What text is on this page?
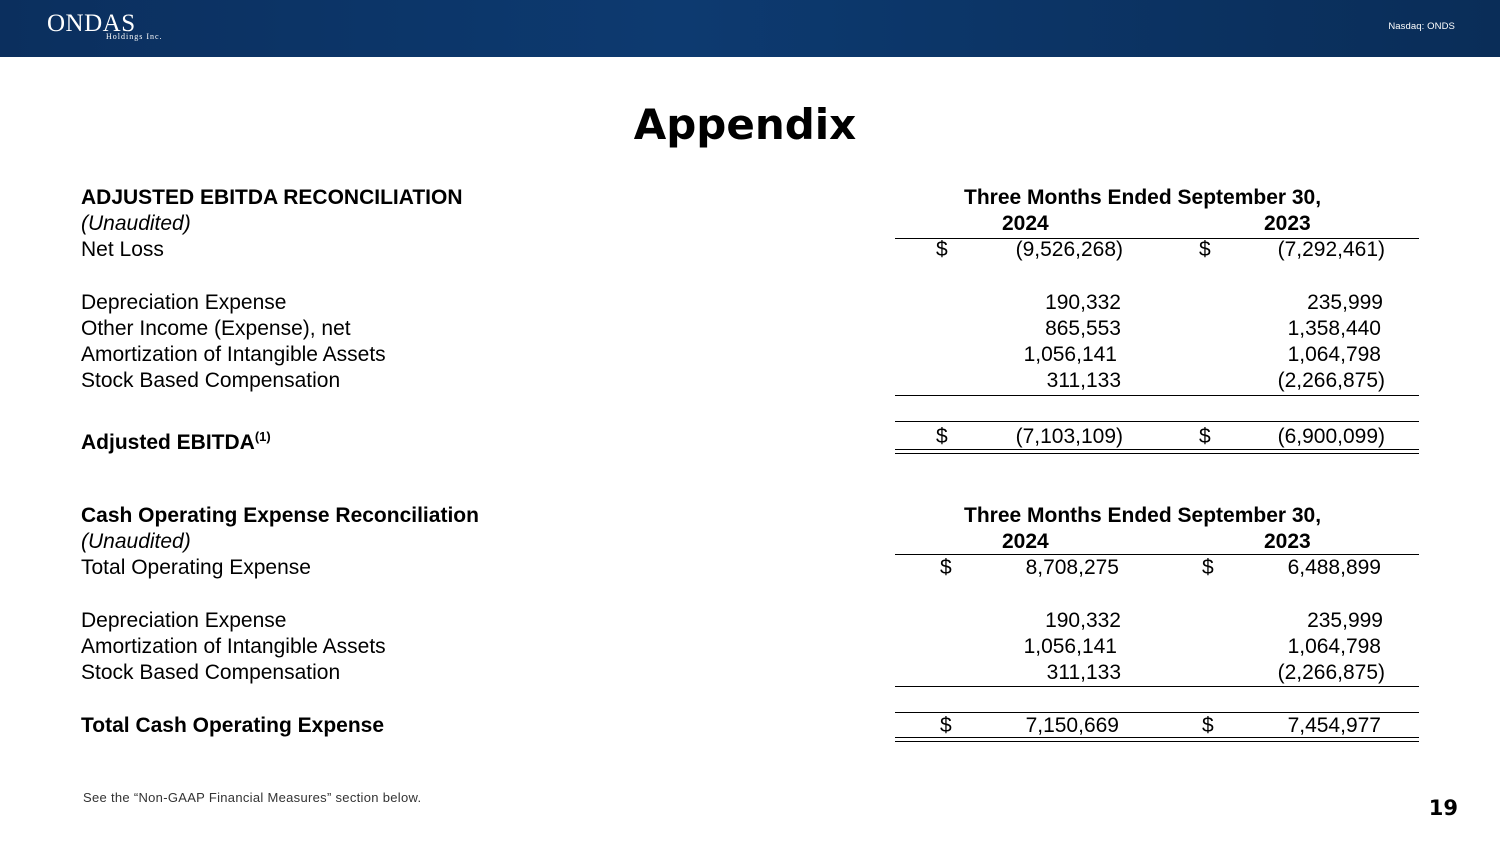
ONDAS
Holdings Inc.
Nasdaq: ONDS
Appendix
ADJUSTED EBITDA RECONCILIATION	Three Months Ended September 30,
(Unaudited)	2024	2023
Net Loss	$	(9,526,268)	$	(7,292,461)
Depreciation Expense	190,332	235,999
Other Income (Expense), net	865,553	1,358,440
Amortization of Intangible Assets	1,056,141	1,064,798
Stock Based Compensation	311,133	(2,266,875)
Adjusted EBITDA$^{(1)}$	$	(7,103,109)	$	(6,900,099)
Cash Operating Expense Reconciliation	Three Months Ended September 30,
(Unaudited)	2024	2023
Total Operating Expense	$	8,708,275	$	6,488,899
Depreciation Expense	190,332	235,999
Amortization of Intangible Assets	1,056,141	1,064,798
Stock Based Compensation	311,133	(2,266,875)
Total Cash Operating Expense	$	7,150,669	$	7,454,977
See the “Non-GAAP Financial Measures” section below.	19
